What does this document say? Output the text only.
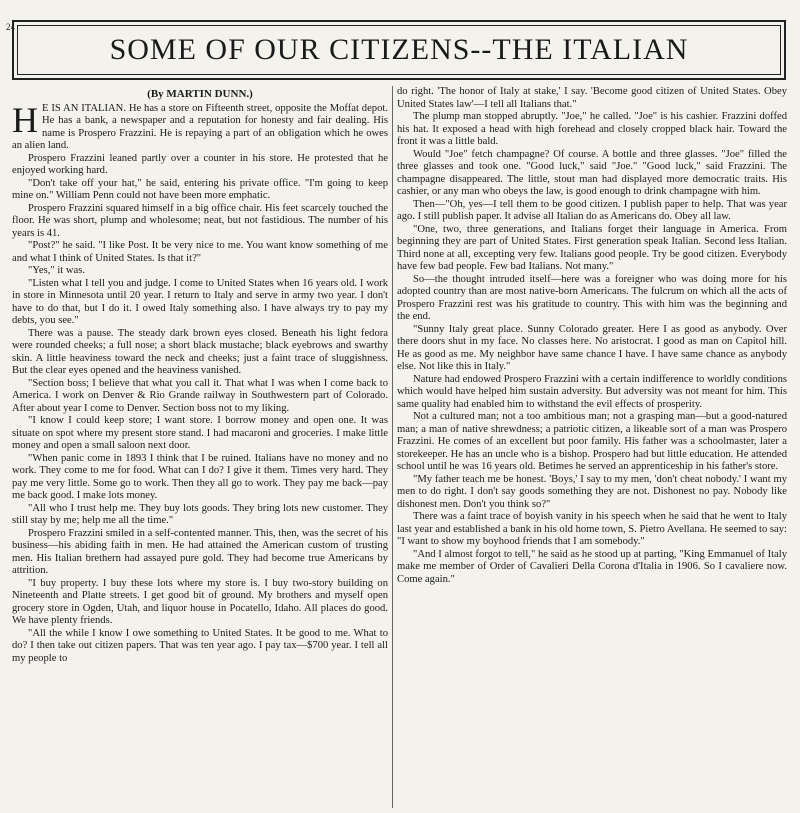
24
SOME OF OUR CITIZENS--THE ITALIAN
(By MARTIN DUNN.)

H E IS AN ITALIAN. He has a store on Fifteenth street, opposite the Moffat depot. He has a bank, a newspaper and a reputation for honesty and fair dealing. His name is Prospero Frazzini. He is repaying a part of an obligation which he owes an alien land.

Prospero Frazzini leaned partly over a counter in his store. He protested that he enjoyed working hard.

"Don't take off your hat," he said, entering his private office. "I'm going to keep mine on." William Penn could not have been more emphatic.

Prospero Frazzini squared himself in a big office chair. His feet scarcely touched the floor. He was short, plump and wholesome; neat, but not fastidious. The number of his years is 41.

"Post?" he said. "I like Post. It be very nice to me. You want know something of me and what I think of United States. Is that it?"

"Yes," it was.

"Listen what I tell you and judge. I come to United States when 16 years old. I work in store in Minnesota until 20 year. I return to Italy and serve in army two year. I don't have to do that, but I do it. I owed Italy something also. I have always try to pay my debts, you see."

There was a pause. The steady dark brown eyes closed. Beneath his light fedora were rounded cheeks; a full nose; a short black mustache; black eyebrows and swarthy skin. A little heaviness toward the neck and cheeks; just a faint trace of sluggishness. But the clear eyes opened and the heaviness vanished.

"Section boss; I believe that what you call it. That what I was when I come back to America. I work on Denver & Rio Grande railway in Southwestern part of Colorado. After about year I come to Denver. Section boss not to my liking.

"I know I could keep store; I want store. I borrow money and open one. It was situate on spot where my present store stand. I had macaroni and groceries. I make little money and open a small saloon next door.

"When panic come in 1893 I think that I be ruined. Italians have no money and no work. They come to me for food. What can I do? I give it them. Times very hard. They pay me very little. Some go to work. Then they all go to work. They pay me back—pay me back good. I make lots money.

"All who I trust help me. They buy lots goods. They bring lots new customer. They still stay by me; help me all the time."

Prospero Frazzini smiled in a self-contented manner. This, then, was the secret of his business—his abiding faith in men. He had attained the American custom of trusting men. His Italian brethern had assayed pure gold. They had become true Americans by attrition.

"I buy property. I buy these lots where my store is. I buy two-story building on Nineteenth and Platte streets. I get good bit of ground. My brothers and myself open grocery store in Ogden, Utah, and liquor house in Pocatello, Idaho. All places do good. We have plenty friends.

"All the while I know I owe something to United States. It be good to me. What to do? I then take out citizen papers. That was ten year ago. I pay tax—$700 year. I tell all my people to

do right. 'The honor of Italy at stake,' I say. 'Become good citizen of United States. Obey United States law'—I tell all Italians that."

The plump man stopped abruptly. "Joe," he called. "Joe" is his cashier. Frazzini doffed his hat. It exposed a head with high forehead and closely cropped black hair. Toward the front it was a little bald.

Would "Joe" fetch champagne? Of course. A bottle and three glasses. "Joe" filled the three glasses and took one. "Good luck," said "Joe." "Good luck," said Frazzini. The champagne disappeared. The little, stout man had displayed more democratic traits. His cashier, or any man who obeys the law, is good enough to drink champagne with him.

Then—"Oh, yes—I tell them to be good citizen. I publish paper to help. That was year ago. I still publish paper. It advise all Italian do as Americans do. Obey all law.

"One, two, three generations, and Italians forget their language in America. From beginning they are part of United States. First generation speak Italian. Second less Italian. Third none at all, excepting very few. Italians good people. Try be good citizen. Everybody have few bad people. Few bad Italians. Not many."

So—the thought intruded itself—here was a foreigner who was doing more for his adopted country than are most native-born Americans. The fulcrum on which all the acts of Prospero Frazzini rest was his gratitude to country. This with him was the beginning and the end.

"Sunny Italy great place. Sunny Colorado greater. Here I as good as anybody. Over there doors shut in my face. No classes here. No aristocrat. I good as man on Capitol hill. He as good as me. My neighbor have same chance I have. I have same chance as anybody else. Not like this in Italy."

Nature had endowed Prospero Frazzini with a certain indifference to worldly conditions which would have helped him sustain adversity. But adversity was not meant for him. This same quality had enabled him to withstand the evil effects of prosperity.

Not a cultured man; not a too ambitious man; not a grasping man—but a good-natured man; a man of native shrewdness; a patriotic citizen, a likeable sort of a man was Prospero Frazzini. He comes of an excellent but poor family. His father was a schoolmaster, later a storekeeper. He has an uncle who is a bishop. Prospero had but little education. He attended school until he was 16 years old. Betimes he served an apprenticeship in his father's store.

"My father teach me be honest. 'Boys,' I say to my men, 'don't cheat nobody.' I want my men to do right. I don't say goods something they are not. Dishonest no pay. Nobody like dishonest men. Don't you think so?"

There was a faint trace of boyish vanity in his speech when he said that he went to Italy last year and established a bank in his old home town, S. Pietro Avellana. He seemed to say: "I want to show my boyhood friends that I am somebody."

"And I almost forgot to tell," he said as he stood up at parting, "King Emmanuel of Italy make me member of Order of Cavalieri Della Corona d'Italia in 1906. So I cavaliere now. Come again."
